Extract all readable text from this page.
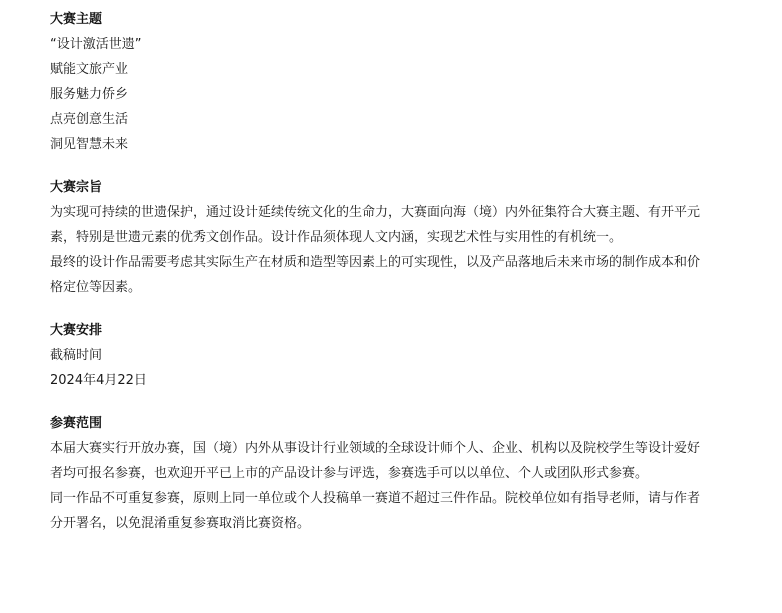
大赛主题
“设计激活世遗”
赋能文旅产业
服务魅力侨乡
点亮创意生活
洞见智慧未来
大赛宗旨

为实现可持续的世遗保护，通过设计延续传统文化的生命力，大赛面向海（境）内外征集符合大赛主题、有开平元素，特别是世遗元素的优秀文创作品。设计作品须体现人文内涵，实现艺术性与实用性的有机统一。

最终的设计作品需要考虑其实际生产在材质和造型等因素上的可实现性，以及产品落地后未来市场的制作成本和价格定位等因素。

大赛安排
截稿时间
2024年4月22日
参赛范围

本届大赛实行开放办赛，国（境）内外从事设计行业领域的全球设计师个人、企业、机构以及院校学生等设计爱好者均可报名参赛，也欢迎开平已上市的产品设计参与评选，参赛选手可以以单位、个人或团队形式参赛。

同一作品不可重复参赛，原则上同一单位或个人投稿单一赛道不超过三件作品。院校单位如有指导老师，请与作者分开署名，以免混淆重复参赛取消比赛资格。
